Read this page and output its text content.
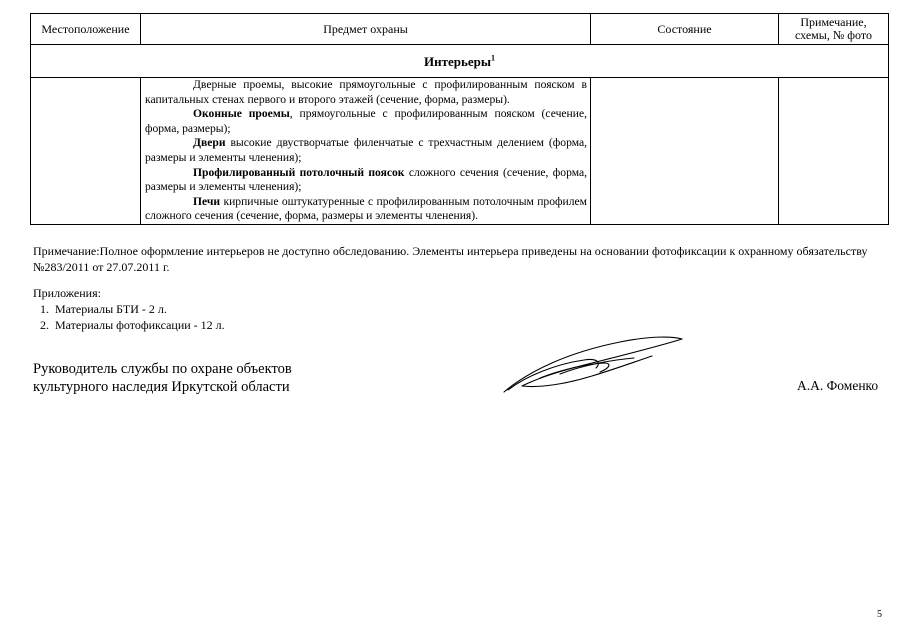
Местоположение	Предмет охраны	Состояние	Примечание,
схемы, № фото

Интерьеры$^1$

	Дверные проемы, высокие прямоугольные с профилированным пояском в капитальных стенах первого и второго этажей (сечение, форма, размеры).

Оконные проемы, прямоугольные с профилированным пояском (сечение, форма, размеры);

Двери высокие двустворчатые филенчатые с трехчастным делением (форма, размеры и элементы членения);

Профилированный потолочный поясок сложного сечения (сечение, форма, размеры и элементы членения);

Печи кирпичные оштукатуренные с профилированным потолочным профилем сложного сечения (сечение, форма, размеры и элементы членения).		

Примечание:Полное оформление интерьеров не доступно обследованию. Элементы интерьера приведены на основании фотофиксации к охранному обязательству №283/2011 от 27.07.2011 г.
Приложения:
1. Материалы БТИ - 2 л.
2. Материалы фотофиксации - 12 л.
Руководитель службы по охране объектов
культурного наследия Иркутской области	А.А. Фоменко
5
